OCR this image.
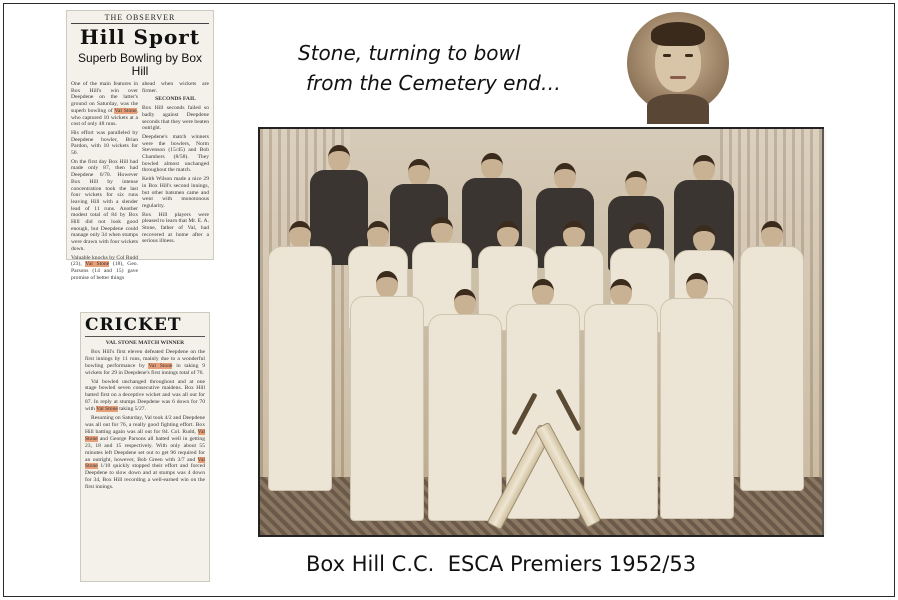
THE OBSERVER
Hill Sport
Superb Bowling by Box Hill

One of the main features in Box Hill's win over Deepdene on the latter's ground on Saturday, was the superb bowling of Val Stone, who captured 10 wickets at a cost of only 48 runs.

His effort was paralleled by Deepdene bowler, Brian Pardon, with 10 wickets for 56.

On the first day Box Hill had made only 87, then had Deepdene 6/70. However Box Hill by intense concentration took the last four wickets for six runs leaving Hill with a slender lead of 11 runs. Another modest total of 84 by Box Hill did not look good enough, but Deepdene could manage only 34 when stumps were drawn with four wickets down.

Valuable knocks by Col Rudd (23), Val Stone (18), Geo. Parsons (14 and 15) gave promise of better things

ahead when wickets are firmer.

SECONDS FAIL

Box Hill seconds failed so badly against Deepdene seconds that they were beaten outright.

Deepdene's match winners were the bowlers, Norm Stevenson (15/45) and Bob Chambers (8/58). They bowled almost unchanged throughout the match.

Keith Wilson made a nice 29 in Box Hill's second innings, but other batsmen came and went with monotonous regularity.

Box Hill players were pleased to learn that Mr. E. A. Stone, father of Val, had recovered at home after a serious illness.

CRICKET

VAL STONE MATCH WINNER

Box Hill's first eleven defeated Deepdene on the first innings by 11 runs, mainly due to a wonderful bowling performance by Val Stone in taking 9 wickets for 29 in Deepdene's first innings total of 76.

Val bowled unchanged throughout and at one stage bowled seven consecutive maidens. Box Hill batted first on a deceptive wicket and was all out for 87. In reply at stumps Deepdene was 6 down for 70 with Val Stone taking 5/27.

Resuming on Saturday, Val took 4/2 and Deepdene was all out for 76, a really good fighting effort. Box Hill batting again was all out for 84. Col. Rudd, Val Stone and George Parsons all batted well in getting 23, 18 and 15 respectively. With only about 55 minutes left Deepdene set out to get 96 required for an outright, however, Bob Green with 3/7 and Val Stone 1/10 quickly stopped their effort and forced Deepdene to slow down and at stumps was 4 down for 34, Box Hill recording a well-earned win on the first innings.

Stone, turning to bowl
from the Cemetery end…
Box Hill C.C.  ESCA Premiers 1952/53
